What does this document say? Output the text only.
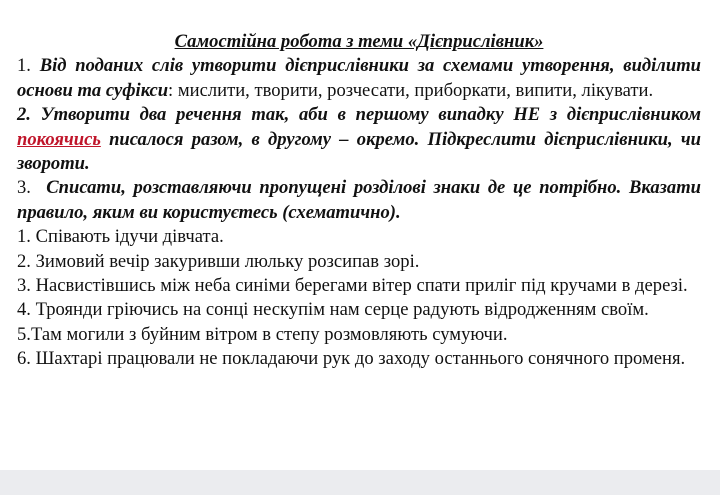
Самостійна робота з теми «Дієприслівник»

1. Від поданих слів утворити дієприслівники за схемами утворення, виділити основи та суфікси: мислити, творити, розчесати, приборкати, випити, лікувати.

2. Утворити два речення так, аби в першому випадку НЕ з дієприслівником покоячись писалося разом, в другому – окремо. Підкреслити дієприслівники, чи звороти.

3. Списати, розставляючи пропущені розділові знаки де це потрібно. Вказати правило, яким ви користуєтесь (схематично).

1. Співають ідучи дівчата.

2. Зимовий вечір закуривши люльку розсипав зорі.

3. Насвистівшись між неба синіми берегами вітер спати приліг під кручами в дерезі.

4. Троянди гріючись на сонці нескупім нам серце радують відродженням своїм.

5.Там могили з буйним вітром в степу розмовляють сумуючи.

6. Шахтарі працювали не покладаючи рук до заходу останнього сонячного променя.
